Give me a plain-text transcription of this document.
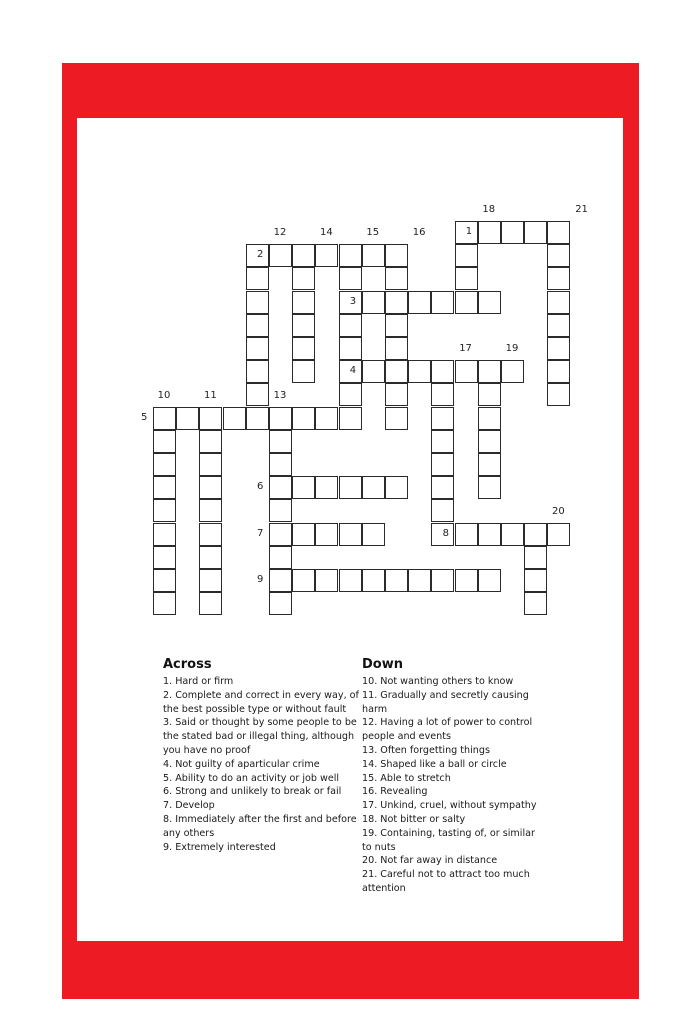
1
2
3
4
5
6
7	8
9
18	21
12	14	15	16
17	19
10	11	13
20
Across

1. Hard or firm

2. Complete and correct in every way, of the best possible type or without fault

3. Said or thought by some people to be the stated bad or illegal thing, although you have no proof

4. Not guilty of aparticular crime

5. Ability to do an activity or job well

6. Strong and unlikely to break or fail

7. Develop

8. Immediately after the first and before any others

9. Extremely interested

Down

10. Not wanting others to know

11. Gradually and secretly causing harm

12. Having a lot of power to control people and events

13. Often forgetting things

14. Shaped like a ball or circle

15. Able to stretch

16. Revealing

17. Unkind, cruel, without sympathy

18. Not bitter or salty

19. Containing, tasting of, or similar to nuts

20. Not far away in distance

21. Careful not to attract too much attention
